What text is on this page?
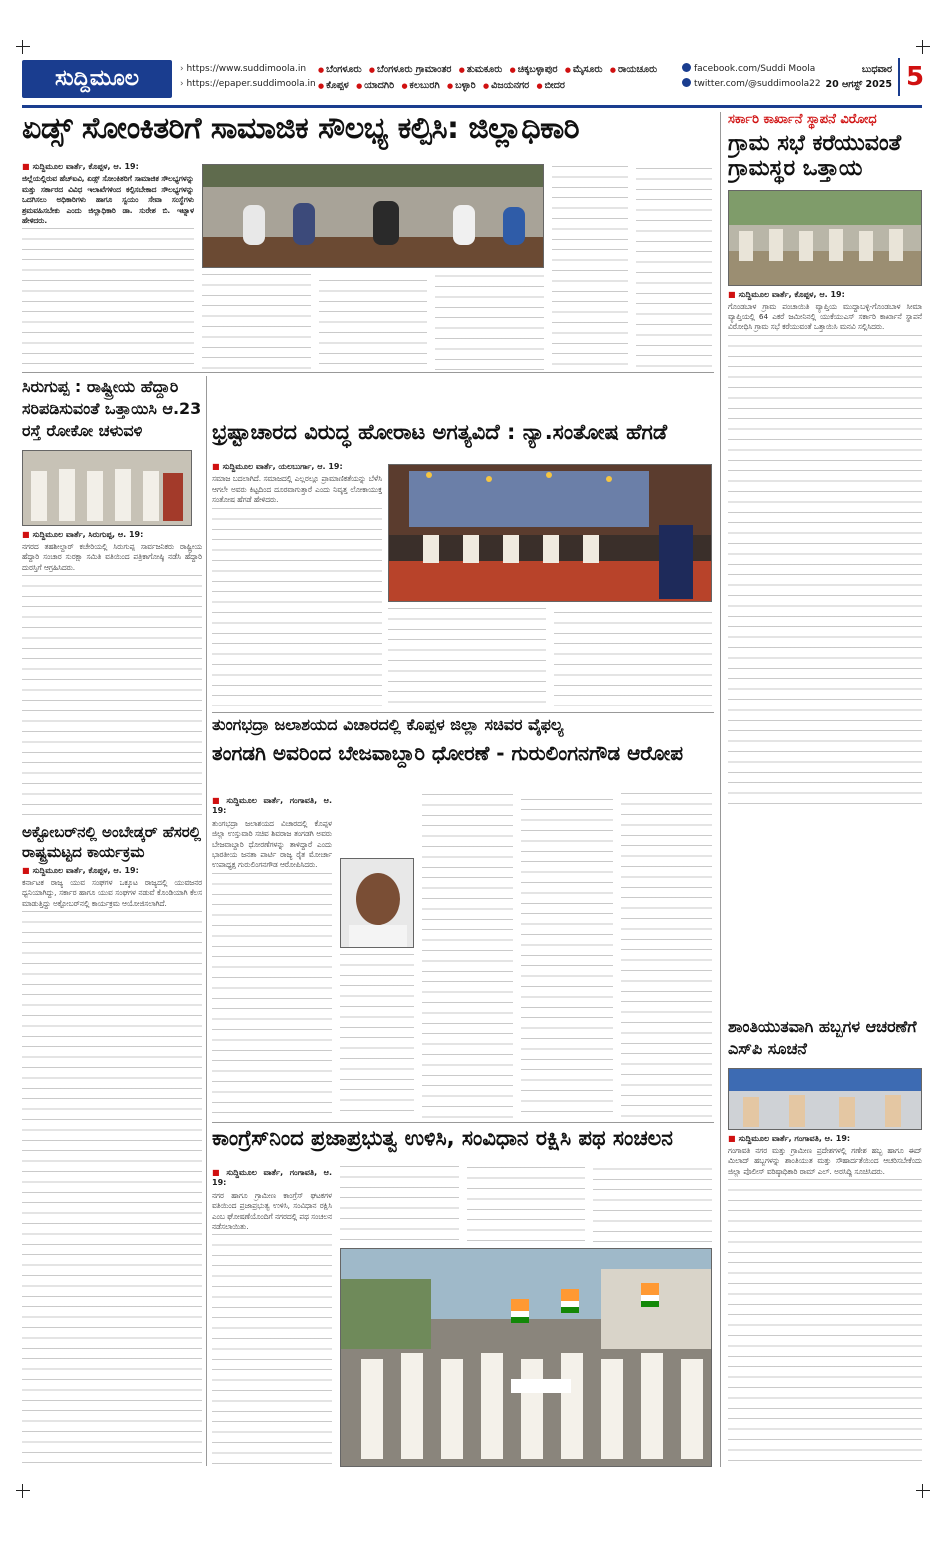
ಸುದ್ದಿಮೂಲ	› https://www.suddimoola.in
› https://epaper.suddimoola.in
● ಬೆಂಗಳೂರು ● ಬೆಂಗಳೂರು ಗ್ರಾಮಾಂತರ ● ತುಮಕೂರು ● ಚಿಕ್ಕಬಳ್ಳಾಪುರ ● ಮೈಸೂರು ● ರಾಯಚೂರು ● ಕೊಪ್ಪಳ ● ಯಾದಗಿರಿ ● ಕಲಬುರಗಿ ● ಬಳ್ಳಾರಿ ● ವಿಜಯನಗರ ● ಬೀದರ
facebook.com/Suddi Moola
twitter.com/@suddimoola22
ಬುಧವಾರ
20 ಆಗಸ್ಟ್ 2025 5
ಏಡ್ಸ್ ಸೋಂಕಿತರಿಗೆ ಸಾಮಾಜಿಕ ಸೌಲಭ್ಯ ಕಲ್ಪಿಸಿ: ಜಿಲ್ಲಾಧಿಕಾರಿ
■ ಸುದ್ದಿಮೂಲ ವಾರ್ತೆ, ಕೊಪ್ಪಳ, ಆ. 19:
ಜಿಲ್ಲೆಯಲ್ಲಿರುವ ಹೆಚ್‌ಐವಿ, ಏಡ್ಸ್ ಸೋಂಕಿತರಿಗೆ ಸಾಮಾಜಿಕ ಸೌಲಭ್ಯಗಳನ್ನು ಮತ್ತು ಸರ್ಕಾರದ ವಿವಿಧ ಇಲಾಖೆಗಳಿಂದ ಕಲ್ಪಿಸಬೇಕಾದ ಸೌಲಭ್ಯಗಳನ್ನು ಒದಗಿಸಲು ಅಧಿಕಾರಿಗಳು ಹಾಗೂ ಸ್ವಯಂ ಸೇವಾ ಸಂಸ್ಥೆಗಳು ಶ್ರಮವಹಿಸಬೇಕು ಎಂದು ಜಿಲ್ಲಾಧಿಕಾರಿ ಡಾ. ಸುರೇಶ ಬಿ. ಇಟ್ನಾಳ ಹೇಳಿದರು.
ಸರ್ಕಾರಿ ಕಾರ್ಖಾನೆ ಸ್ಥಾಪನೆ ವಿರೋಧ
ಗ್ರಾಮ ಸಭೆ ಕರೆಯುವಂತೆ ಗ್ರಾಮಸ್ಥರ ಒತ್ತಾಯ
■ ಸುದ್ದಿಮೂಲ ವಾರ್ತೆ, ಕೊಪ್ಪಳ, ಆ. 19:
ಗೊಂಡಬಾಳ ಗ್ರಾಮ ಪಂಚಾಯಿತಿ ವ್ಯಾಪ್ತಿಯ ಮುದ್ದಾಬಳ್ಳಿ-ಗೊಂಡಬಾಳ ಸೀಮಾ ವ್ಯಾಪ್ತಿಯಲ್ಲಿ 64 ಎಕರೆ ಜಮೀನಿನಲ್ಲಿ ಯುಕೆಯುಎಸ್ ಸರ್ಕಾರಿ ಕಾರ್ಖಾನೆ ಸ್ಥಾಪನೆ ವಿರೋಧಿಸಿ ಗ್ರಾಮ ಸಭೆ ಕರೆಯುವಂತೆ ಒತ್ತಾಯಿಸಿ ಮನವಿ ಸಲ್ಲಿಸಿದರು.
ಸಿರುಗುಪ್ಪ : ರಾಷ್ಟ್ರೀಯ ಹೆದ್ದಾರಿ ಸರಿಪಡಿಸುವಂತೆ ಒತ್ತಾಯಿಸಿ ಆ.23 ರಸ್ತೆ ರೋಕೋ ಚಳುವಳಿ
■ ಸುದ್ದಿಮೂಲ ವಾರ್ತೆ, ಸಿರುಗುಪ್ಪ, ಆ. 19:
ನಗರದ ತಹಶೀಲ್ದಾರ್ ಕಚೇರಿಯಲ್ಲಿ ಸಿರುಗುಪ್ಪ ಸಾರ್ವಜನಿಕರು ರಾಷ್ಟ್ರೀಯ ಹೆದ್ದಾರಿ ಸಂಚಾರ ಸುರಕ್ಷಾ ಸಮಿತಿ ವತಿಯಿಂದ ಪತ್ರಿಕಾಗೋಷ್ಠಿ ನಡೆಸಿ ಹೆದ್ದಾರಿ ದುರಸ್ತಿಗೆ ಆಗ್ರಹಿಸಿದರು.
ಭ್ರಷ್ಟಾಚಾರದ ವಿರುದ್ಧ ಹೋರಾಟ ಅಗತ್ಯವಿದೆ : ನ್ಯಾ.ಸಂತೋಷ ಹೆಗಡೆ
■ ಸುದ್ದಿಮೂಲ ವಾರ್ತೆ, ಯಲಬುರ್ಗಾ, ಆ. 19:
ಸಮಾಜ ಬದಲಾಗಿದೆ. ಸಮಾಜದಲ್ಲಿ ಎಲ್ಲರಲ್ಲೂ ಪ್ರಾಮಾಣಿಕತೆಯನ್ನು ಬೆಳೆಸಿ ಆಗಲೇ ಅವರು ಕಿಟ್ಟದಿಂದ ದೂರವಾಗುತ್ತಾರೆ ಎಂದು ನಿವೃತ್ತ ಲೋಕಾಯುಕ್ತ ಸಂತೋಷ ಹೆಗಡೆ ಹೇಳಿದರು.
ಅಕ್ಟೋಬರ್‌ನಲ್ಲಿ ಅಂಬೇಡ್ಕರ್ ಹೆಸರಲ್ಲಿ ರಾಷ್ಟ್ರಮಟ್ಟದ ಕಾರ್ಯಕ್ರಮ
■ ಸುದ್ದಿಮೂಲ ವಾರ್ತೆ, ಕೊಪ್ಪಳ, ಆ. 19:
ಕರ್ನಾಟಕ ರಾಜ್ಯ ಯುವ ಸಂಘಗಳ ಒಕ್ಕೂಟ ರಾಜ್ಯದಲ್ಲಿ ಯುವಜನರ ಧ್ವನಿಯಾಗಿದ್ದು, ಸರ್ಕಾರ ಹಾಗೂ ಯುವ ಸಂಘಗಳ ನಡುವೆ ಕೊಂಡಿಯಾಗಿ ಕೆಲಸ ಮಾಡುತ್ತಿದ್ದು ಅಕ್ಟೋಬರ್‌ನಲ್ಲಿ ಕಾರ್ಯಕ್ರಮ ಆಯೋಜಿಸಲಾಗಿದೆ.
ತುಂಗಭದ್ರಾ ಜಲಾಶಯದ ವಿಚಾರದಲ್ಲಿ ಕೊಪ್ಪಳ ಜಿಲ್ಲಾ ಸಚಿವರ ವೈಫಲ್ಯ
ತಂಗಡಗಿ ಅವರಿಂದ ಬೇಜವಾಬ್ದಾರಿ ಧೋರಣೆ - ಗುರುಲಿಂಗನಗೌಡ ಆರೋಪ
■ ಸುದ್ದಿಮೂಲ ವಾರ್ತೆ, ಗಂಗಾವತಿ, ಆ. 19:
ತುಂಗಭದ್ರಾ ಜಲಾಶಯದ ವಿಚಾರದಲ್ಲಿ ಕೊಪ್ಪಳ ಜಿಲ್ಲಾ ಉಸ್ತುವಾರಿ ಸಚಿವ ಶಿವರಾಜ ತಂಗಡಗಿ ಅವರು ಬೇಜವಾಬ್ದಾರಿ ಧೋರಣೆಗಳನ್ನು ತಾಳಿದ್ದಾರೆ ಎಂದು ಭಾರತೀಯ ಜನತಾ ಪಾರ್ಟಿ ರಾಜ್ಯ ರೈತ ಮೋರ್ಚಾ ಉಪಾಧ್ಯಕ್ಷ ಗುರುಲಿಂಗನಗೌಡ ಆರೋಪಿಸಿದರು.
ಶಾಂತಿಯುತವಾಗಿ ಹಬ್ಬಗಳ ಆಚರಣೆಗೆ ಎಸ್‌ಪಿ ಸೂಚನೆ
■ ಸುದ್ದಿಮೂಲ ವಾರ್ತೆ, ಗಂಗಾವತಿ, ಆ. 19:
ಗಂಗಾವತಿ ನಗರ ಮತ್ತು ಗ್ರಾಮೀಣ ಪ್ರದೇಶಗಳಲ್ಲಿ ಗಣೇಶ ಹಬ್ಬ ಹಾಗೂ ಈದ್ ಮಿಲಾದ್ ಹಬ್ಬಗಳನ್ನು ಶಾಂತಿಯುತ ಮತ್ತು ಸೌಹಾರ್ದತೆಯಿಂದ ಆಚರಿಸಬೇಕೆಂದು ಜಿಲ್ಲಾ ಪೊಲೀಸ್ ವರಿಷ್ಠಾಧಿಕಾರಿ ರಾಮ್ ಎಲ್. ಅರಸಿದ್ದಿ ಸೂಚಿಸಿದರು.
ಕಾಂಗ್ರೆಸ್‌ನಿಂದ ಪ್ರಜಾಪ್ರಭುತ್ವ ಉಳಿಸಿ, ಸಂವಿಧಾನ ರಕ್ಷಿಸಿ ಪಥ ಸಂಚಲನ
■ ಸುದ್ದಿಮೂಲ ವಾರ್ತೆ, ಗಂಗಾವತಿ, ಆ. 19:
ನಗರ ಹಾಗೂ ಗ್ರಾಮೀಣ ಕಾಂಗ್ರೆಸ್ ಘಟಕಗಳ ವತಿಯಿಂದ ಪ್ರಜಾಪ್ರಭುತ್ವ ಉಳಿಸಿ, ಸಂವಿಧಾನ ರಕ್ಷಿಸಿ ಎಂಬ ಘೋಷಣೆಯೊಂದಿಗೆ ನಗರದಲ್ಲಿ ಪಥ ಸಂಚಲನ ನಡೆಸಲಾಯಿತು.
